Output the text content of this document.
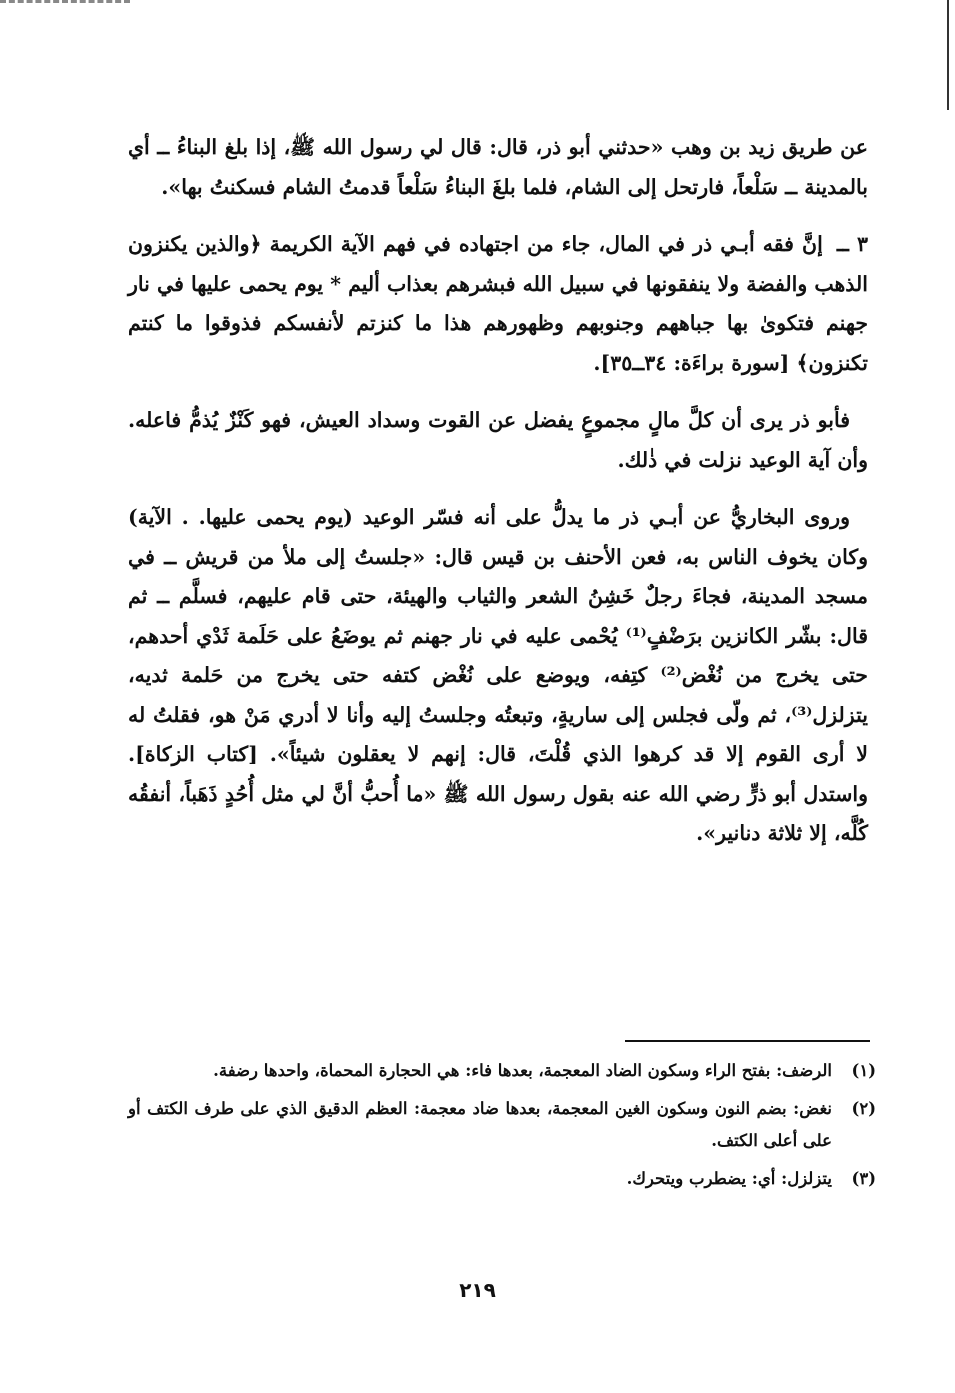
عن طريق زيد بن وهب «حدثني أبو ذر، قال: قال لي رسول الله ﷺ، إذا بلغ البناءُ ــ أي بالمدينة ــ سَلْعاً، فارتحل إلى الشام، فلما بلغَ البناءُ سَلْعاً قدمتُ الشام فسكنتُ بها».

٣ ــ إنَّ فقه أبـي ذر في المال، جاء من اجتهاده في فهم الآية الكريمة ﴿والذين يكنزون الذهب والفضة ولا ينفقونها في سبيل الله فبشرهم بعذاب أليم * يوم يحمى عليها في نار جهنم فتكوىٰ بها جباههم وجنوبهم وظهورهم هذا ما كنزتم لأنفسكم فذوقوا ما كنتم تكنزون﴾ [سورة براءَة: ٣٤ــ٣٥].

فأبو ذر يرى أن كلَّ مالٍ مجموعٍ يفضل عن القوت وسداد العيش، فهو كَنْزٌ يُذمُّ فاعله. وأن آية الوعيد نزلت في ذٰلك.

وروى البخاريُّ عن أبـي ذر ما يدلُّ على أنه فسّر الوعيد (يوم يحمى عليها. . الآية) وكان يخوف الناس به، فعن الأحنف بن قيس قال: «جلستُ إلى ملأ من قريش ــ في مسجد المدينة، فجاءَ رجلٌ خَشِنُ الشعر والثياب والهيئة، حتى قام عليهم، فسلَّم ــ ثم قال: بشّر الكانزين برَضْفٍ⁽¹⁾ يُحْمى عليه في نار جهنم ثم يوضَعُ على حَلَمة ثَدْي أحدهم، حتى يخرج من نُغْض⁽²⁾ كتِفه، ويوضع على نُغْض كتفه حتى يخرج من حَلمة ثديه، يتزلزل⁽³⁾، ثم ولّى فجلس إلى ساريةٍ، وتبعتُه وجلستُ إليه وأنا لا أدري مَنْ هو، فقلتُ له لا أرى القوم إلا قد كرهوا الذي قُلْتَ، قال: إنهم لا يعقلون شيئاً». [كتاب الزكاة]. واستدل أبو ذرٍّ رضي الله عنه بقول رسول الله ﷺ «ما أُحبُّ أنَّ لي مثل أُحُدٍ ذَهَباً، أنفقُه كُلَّه، إلا ثلاثة دنانير».

(١)
الرضف: بفتح الراء وسكون الضاد المعجمة، بعدها فاء: هي الحجارة المحماة، واحدها رضفة.

(٢)
نغض: بضم النون وسكون الغين المعجمة، بعدها ضاد معجمة: العظم الدقيق الذي على طرف الكتف أو على أعلى الكتف.

(٣)
يتزلزل: أي: يضطرب ويتحرك.

٢١٩
